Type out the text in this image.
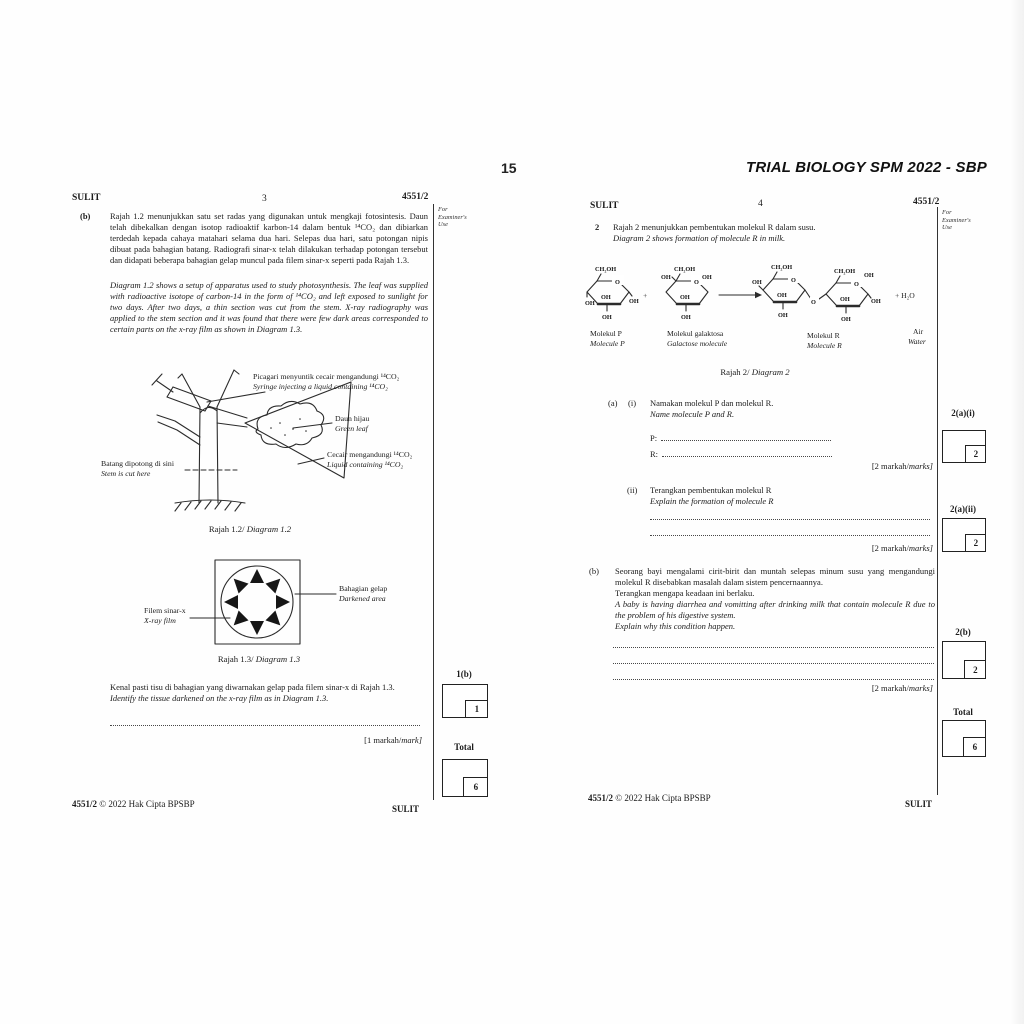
15	TRIAL BIOLOGY SPM 2022 - SBP
SULIT	3	4551/2
For
Examiner's
Use
(b) Rajah 1.2 menunjukkan satu set radas yang digunakan untuk mengkaji fotosintesis. Daun telah dibekalkan dengan isotop radioaktif karbon-14 dalam bentuk ¹⁴CO₂ dan dibiarkan terdedah kepada cahaya matahari selama dua hari. Selepas dua hari, satu potongan nipis dibuat pada bahagian batang. Radiografi sinar-x telah dilakukan terhadap potongan tersebut dan didapati beberapa bahagian gelap muncul pada filem sinar-x seperti pada Rajah 1.3.
Diagram 1.2 shows a setup of apparatus used to study photosynthesis. The leaf was supplied with radioactive isotope of carbon-14 in the form of ¹⁴CO₂ and left exposed to sunlight for two days. After two days, a thin section was cut from the stem. X-ray radiography was applied to the stem section and it was found that there were few dark areas corresponded to certain parts on the x-ray film as shown in Diagram 1.3.
Picagari menyuntik cecair mengandungi ¹⁴CO₂
Syringe injecting a liquid containing ¹⁴CO₂
Daun hijau
Green leaf
Cecair mengandungi ¹⁴CO₂
Liquid containing ¹⁴CO₂
Batang dipotong di sini
Stem is cut here
Rajah 1.2/ Diagram 1.2
Bahagian gelap
Darkened area
Filem sinar-x
X-ray film
Rajah 1.3/ Diagram 1.3
Kenal pasti tisu di bahagian yang diwarnakan gelap pada filem sinar-x di Rajah 1.3.
Identify the tissue darkened on the x-ray film as in Diagram 1.3.
[1 markah/mark]
1(b)
1
Total
6
4551/2 © 2022 Hak Cipta BPSBP	SULIT
SULIT	4	4551/2
For
Examiner's
Use
2 Rajah 2 menunjukkan pembentukan molekul R dalam susu.
Diagram 2 shows formation of molecule R in milk.
CH₂OH
O
OH
OH
OH
OH
+
CH₂OH
O
OH	OH
OH
OH
CH₂OH
O
OH
OH
OH
O
CH₂OH
O
OH
OH	OH
OH
+ H₂O
Molekul P
Molecule P
Molekul galaktosa
Galactose molecule
Molekul R
Molecule R
Air
Water
Rajah 2/ Diagram 2
(a) (i) Namakan molekul P dan molekul R.
Name molecule P and R.
P:
R:
[2 markah/marks]
(ii) Terangkan pembentukan molekul R
Explain the formation of molecule R
[2 markah/marks]
(b) Seorang bayi mengalami cirit-birit dan muntah selepas minum susu yang mengandungi molekul R disebabkan masalah dalam sistem pencernaannya.
Terangkan mengapa keadaan ini berlaku.
A baby is having diarrhea and vomitting after drinking milk that contain molecule R due to the problem of his digestive system.
Explain why this condition happen.
[2 markah/marks]
2(a)(i)
2
2(a)(ii)
2
2(b)
2
Total
6
4551/2 © 2022 Hak Cipta BPSBP
SULIT
